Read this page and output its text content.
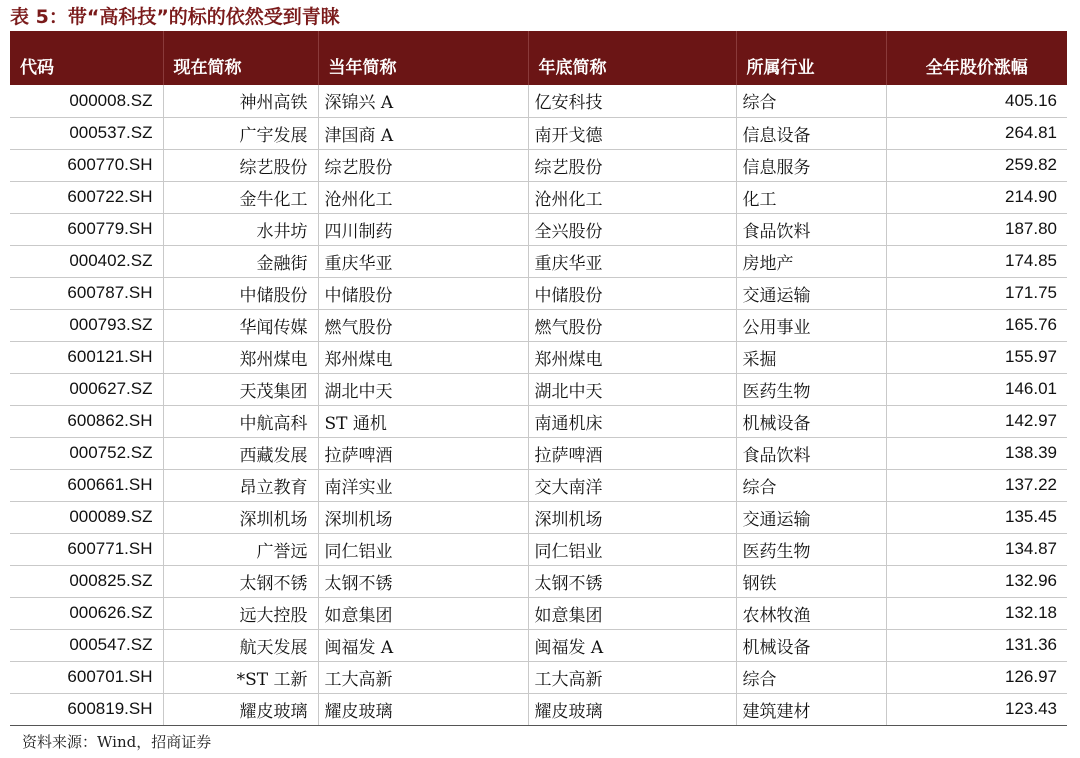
表 5：带“高科技”的标的依然受到青睐
代码	现在简称	当年简称	年底简称	所属行业	全年股价涨幅
000008.SZ	神州高铁	深锦兴 A	亿安科技	综合	405.16
000537.SZ	广宇发展	津国商 A	南开戈德	信息设备	264.81
600770.SH	综艺股份	综艺股份	综艺股份	信息服务	259.82
600722.SH	金牛化工	沧州化工	沧州化工	化工	214.90
600779.SH	水井坊	四川制药	全兴股份	食品饮料	187.80
000402.SZ	金融街	重庆华亚	重庆华亚	房地产	174.85
600787.SH	中储股份	中储股份	中储股份	交通运输	171.75
000793.SZ	华闻传媒	燃气股份	燃气股份	公用事业	165.76
600121.SH	郑州煤电	郑州煤电	郑州煤电	采掘	155.97
000627.SZ	天茂集团	湖北中天	湖北中天	医药生物	146.01
600862.SH	中航高科	ST 通机	南通机床	机械设备	142.97
000752.SZ	西藏发展	拉萨啤酒	拉萨啤酒	食品饮料	138.39
600661.SH	昂立教育	南洋实业	交大南洋	综合	137.22
000089.SZ	深圳机场	深圳机场	深圳机场	交通运输	135.45
600771.SH	广誉远	同仁铝业	同仁铝业	医药生物	134.87
000825.SZ	太钢不锈	太钢不锈	太钢不锈	钢铁	132.96
000626.SZ	远大控股	如意集团	如意集团	农林牧渔	132.18
000547.SZ	航天发展	闽福发 A	闽福发 A	机械设备	131.36
600701.SH	*ST 工新	工大高新	工大高新	综合	126.97
600819.SH	耀皮玻璃	耀皮玻璃	耀皮玻璃	建筑建材	123.43
资料来源：Wind，招商证券
